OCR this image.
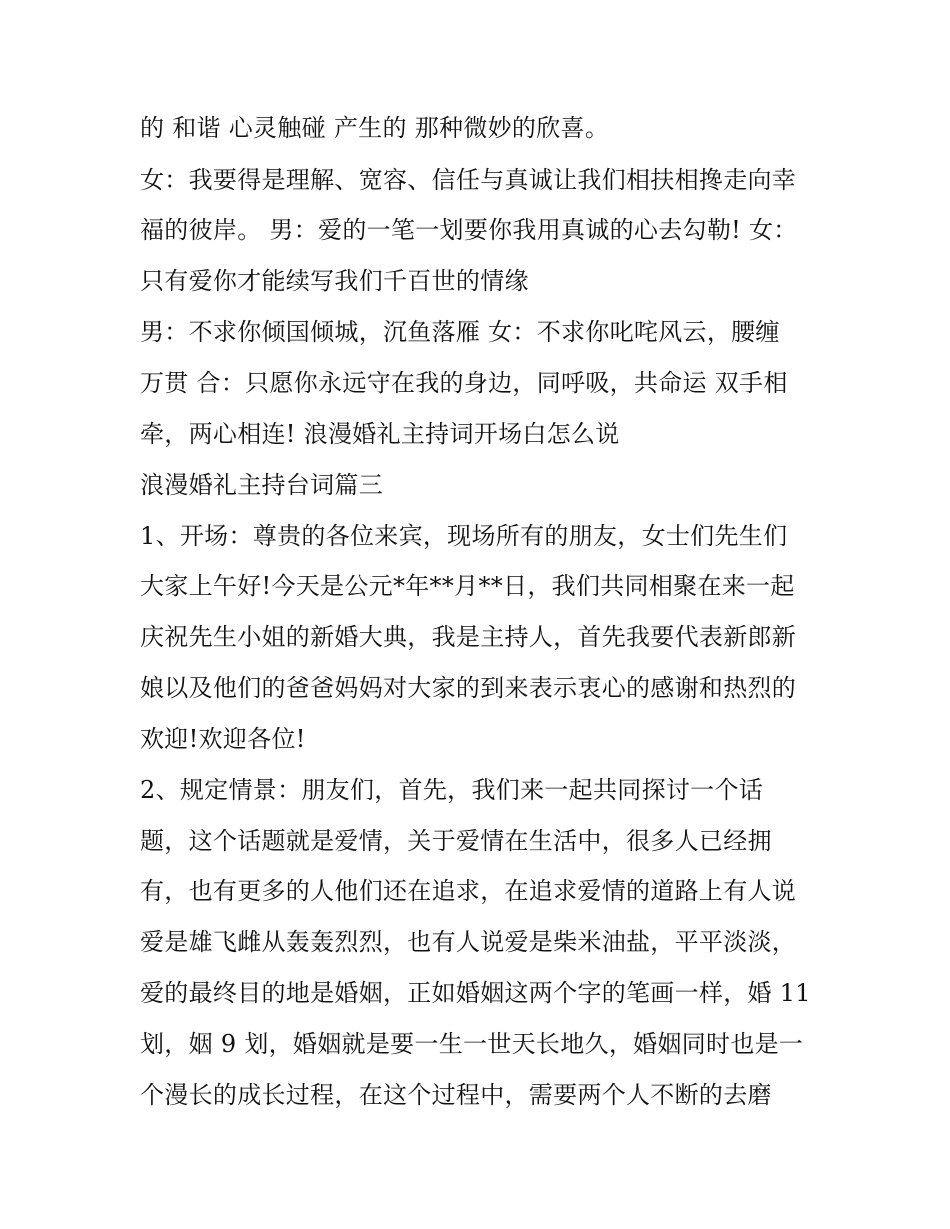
的 和谐 心灵触碰 产生的 那种微妙的欣喜。
女：我要得是理解、宽容、信任与真诚让我们相扶相搀走向幸
福的彼岸。 男：爱的一笔一划要你我用真诚的心去勾勒! 女：
只有爱你才能续写我们千百世的情缘
男：不求你倾国倾城，沉鱼落雁 女：不求你叱咤风云，腰缠
万贯 合：只愿你永远守在我的身边，同呼吸，共命运 双手相
牵，两心相连! 浪漫婚礼主持词开场白怎么说
浪漫婚礼主持台词篇三
1、开场：尊贵的各位来宾，现场所有的朋友，女士们先生们
大家上午好!今天是公元*年**月**日，我们共同相聚在来一起
庆祝先生小姐的新婚大典，我是主持人，首先我要代表新郎新
娘以及他们的爸爸妈妈对大家的到来表示衷心的感谢和热烈的
欢迎!欢迎各位!
2、规定情景：朋友们，首先，我们来一起共同探讨一个话
题，这个话题就是爱情，关于爱情在生活中，很多人已经拥
有，也有更多的人他们还在追求，在追求爱情的道路上有人说
爱是雄飞雌从轰轰烈烈，也有人说爱是柴米油盐，平平淡淡，
爱的最终目的地是婚姻，正如婚姻这两个字的笔画一样，婚 11
划，姻 9 划，婚姻就是要一生一世天长地久，婚姻同时也是一
个漫长的成长过程，在这个过程中，需要两个人不断的去磨
